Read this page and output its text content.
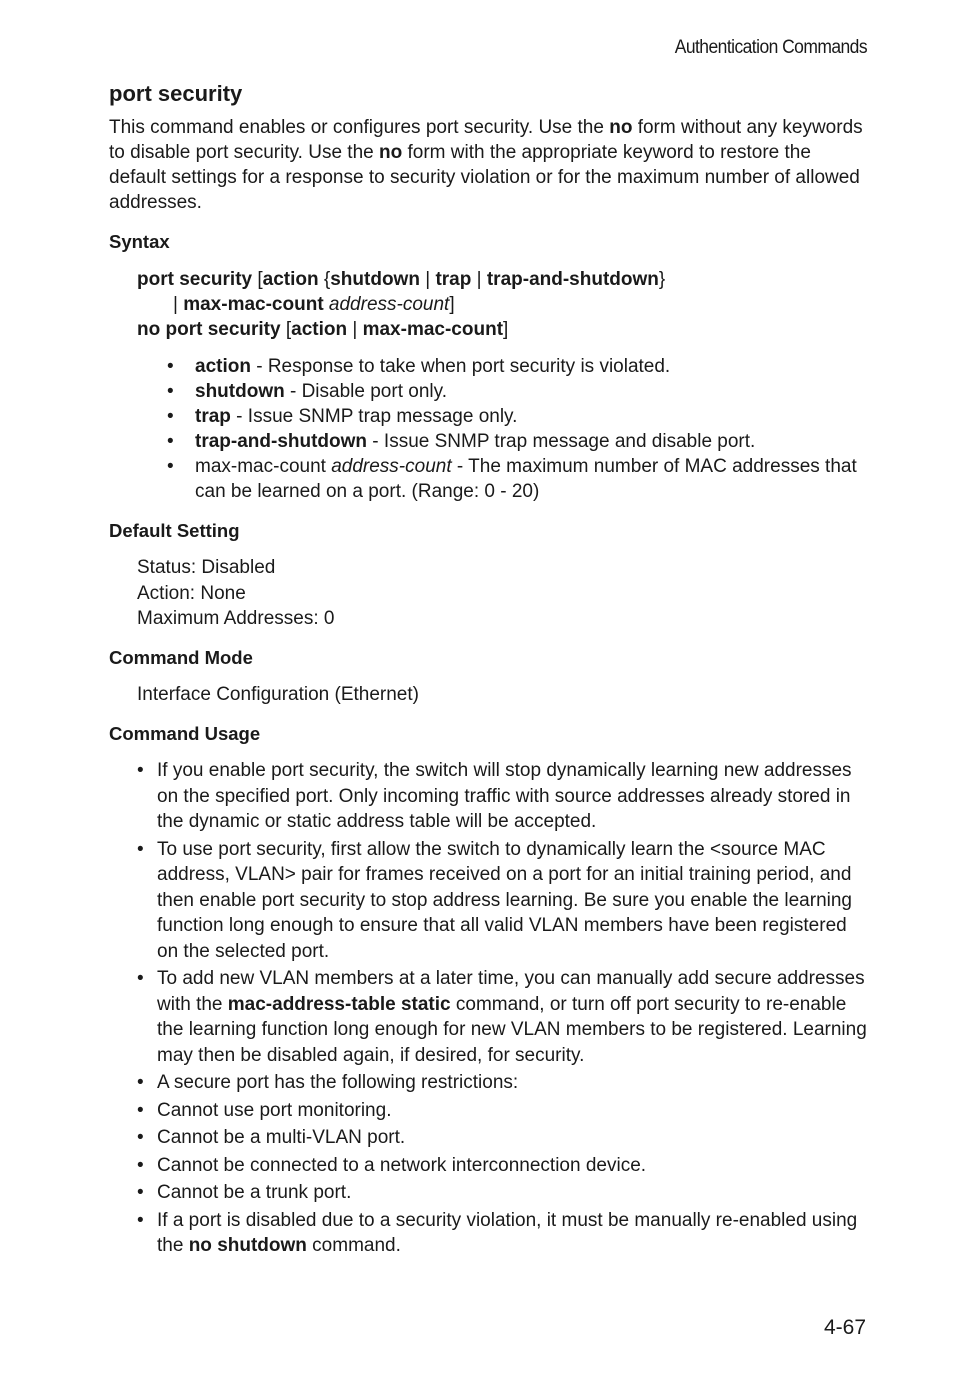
Authentication Commands
port security

This command enables or configures port security. Use the no form without any keywords to disable port security. Use the no form with the appropriate keyword to restore the default settings for a response to security violation or for the maximum number of allowed addresses.

Syntax
port security [action {shutdown | trap | trap-and-shutdown}
| max-mac-count address-count]
no port security [action | max-mac-count]
• action - Response to take when port security is violated.
• shutdown - Disable port only.
• trap - Issue SNMP trap message only.
• trap-and-shutdown - Issue SNMP trap message and disable port.
• max-mac-count address-count - The maximum number of MAC addresses that can be learned on a port. (Range: 0 - 20)
Default Setting
Status: Disabled
Action: None
Maximum Addresses: 0
Command Mode
Interface Configuration (Ethernet)
Command Usage
• If you enable port security, the switch will stop dynamically learning new addresses on the specified port. Only incoming traffic with source addresses already stored in the dynamic or static address table will be accepted.
• To use port security, first allow the switch to dynamically learn the <source MAC address, VLAN> pair for frames received on a port for an initial training period, and then enable port security to stop address learning. Be sure you enable the learning function long enough to ensure that all valid VLAN members have been registered on the selected port.
• To add new VLAN members at a later time, you can manually add secure addresses with the mac-address-table static command, or turn off port security to re-enable the learning function long enough for new VLAN members to be registered. Learning may then be disabled again, if desired, for security.
• A secure port has the following restrictions:
• Cannot use port monitoring.
• Cannot be a multi-VLAN port.
• Cannot be connected to a network interconnection device.
• Cannot be a trunk port.
• If a port is disabled due to a security violation, it must be manually re-enabled using the no shutdown command.
4-67
